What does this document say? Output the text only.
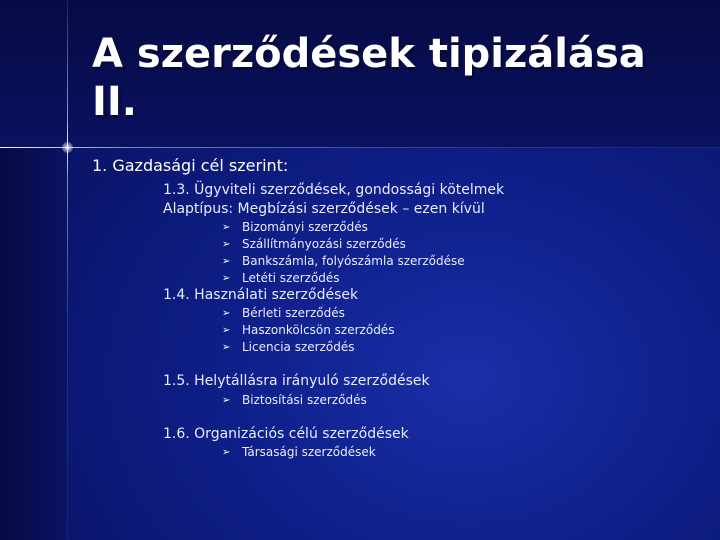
A szerződések tipizálása II.

1. Gazdasági cél szerint:

1.3. Ügyviteli szerződések, gondossági kötelmek
Alaptípus: Megbízási szerződések – ezen kívül
➢ Bizományi szerződés
➢ Szállítmányozási szerződés
➢ Bankszámla, folyószámla szerződése
➢ Letéti szerződés
1.4. Használati szerződések
➢ Bérleti szerződés
➢ Haszonkölcsön szerződés
➢ Licencia szerződés
1.5. Helytállásra irányuló szerződések
➢ Biztosítási szerződés
1.6. Organizációs célú szerződések
➢ Társasági szerződések
